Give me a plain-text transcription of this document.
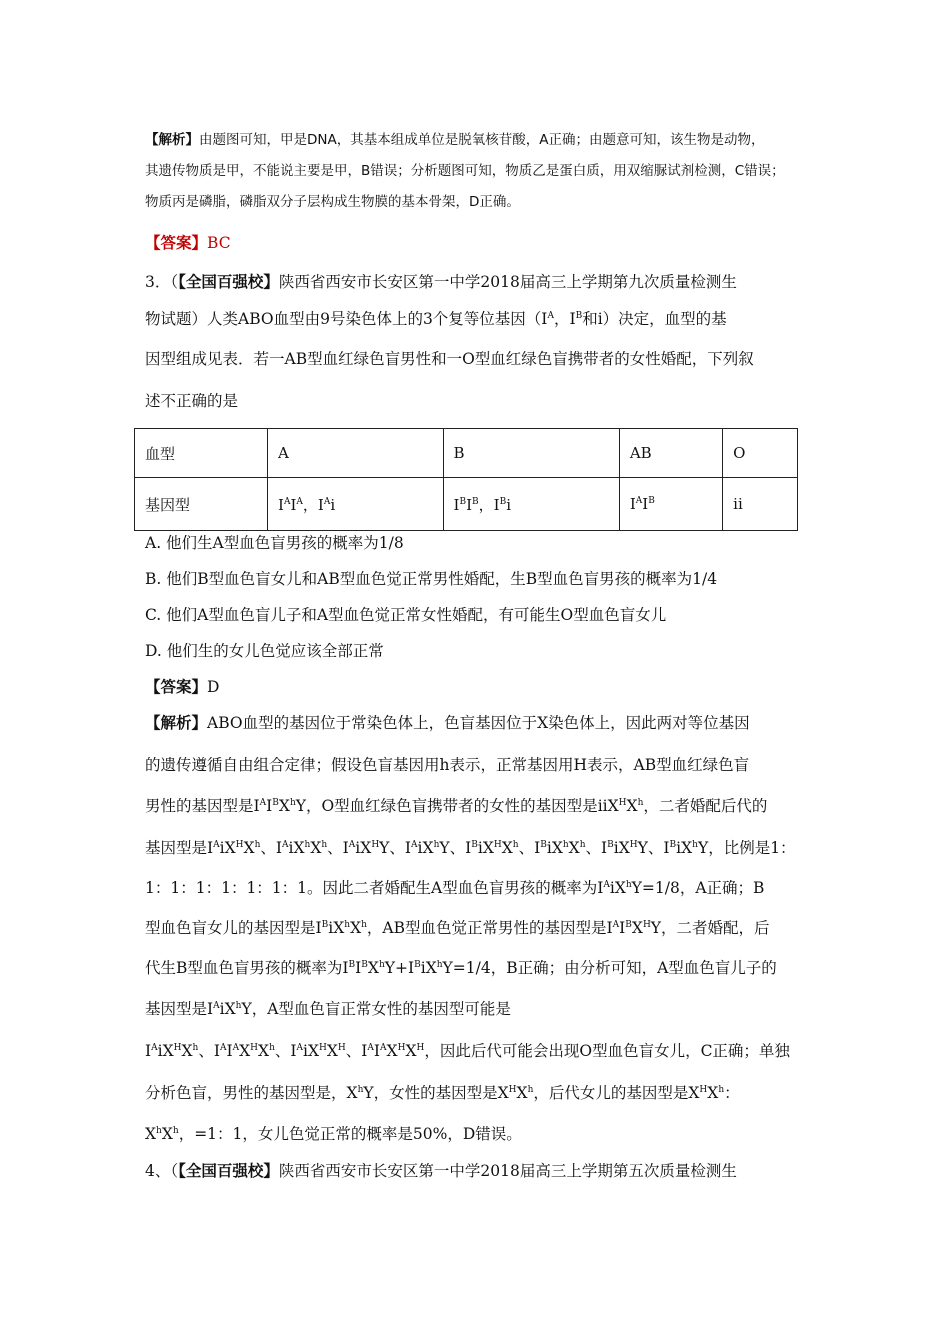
【解析】由题图可知，甲是DNA，其基本组成单位是脱氧核苷酸，A正确；由题意可知，该生物是动物，
其遗传物质是甲，不能说主要是甲，B错误；分析题图可知，物质乙是蛋白质，用双缩脲试剂检测，C错误；
物质丙是磷脂，磷脂双分子层构成生物膜的基本骨架，D正确。
【答案】BC
3．（【全国百强校】陕西省西安市长安区第一中学2018届高三上学期第九次质量检测生
物试题）人类ABO血型由9号染色体上的3个复等位基因（$I^A$，$I^B$和i）决定，血型的基
因型组成见表．若一AB型血红绿色盲男性和一O型血红绿色盲携带者的女性婚配，下列叙
述不正确的是
血型	A	B	AB	O
基因型	$I^AI^A$，$I^Ai$	$I^BI^B$，$I^Bi$	$I^AI^B$	ii
A. 他们生A型血色盲男孩的概率为1/8
B. 他们B型血色盲女儿和AB型血色觉正常男性婚配，生B型血色盲男孩的概率为1/4
C. 他们A型血色盲儿子和A型血色觉正常女性婚配，有可能生O型血色盲女儿
D. 他们生的女儿色觉应该全部正常
【答案】D
【解析】ABO血型的基因位于常染色体上，色盲基因位于X染色体上，因此两对等位基因
的遗传遵循自由组合定律；假设色盲基因用h表示，正常基因用H表示，AB型血红绿色盲
男性的基因型是$I^AI^BX^hY$，O型血红绿色盲携带者的女性的基因型是$iiX^HX^h$，二者婚配后代的
基因型是$I^AiX^HX^h$、$I^AiX^hX^h$、$I^AiX^HY$、$I^AiX^hY$、$I^BiX^HX^h$、$I^BiX^hX^h$、$I^BiX^HY$、$I^BiX^hY$，比例是1：
1：1：1：1：1：1：1。因此二者婚配生A型血色盲男孩的概率为$I^AiX^hY=1/8$，A正确；B
型血色盲女儿的基因型是$I^BiX^hX^h$，AB型血色觉正常男性的基因型是$I^AI^BX^HY$，二者婚配，后
代生B型血色盲男孩的概率为$I^BI^BX^hY+I^BiX^hY=1/4$，B正确；由分析可知，A型血色盲儿子的
基因型是$I^AiX^hY$，A型血色盲正常女性的基因型可能是
$I^AiX^HX^h$、$I^AI^AX^HX^h$、$I^AiX^HX^H$、$I^AI^AX^HX^H$，因此后代可能会出现O型血色盲女儿，C正确；单独
分析色盲，男性的基因型是，$X^hY$，女性的基因型是$X^HX^h$，后代女儿的基因型是$X^HX^h$：
$X^hX^h$，=1：1，女儿色觉正常的概率是50%，D错误。
4、（【全国百强校】陕西省西安市长安区第一中学2018届高三上学期第五次质量检测生
